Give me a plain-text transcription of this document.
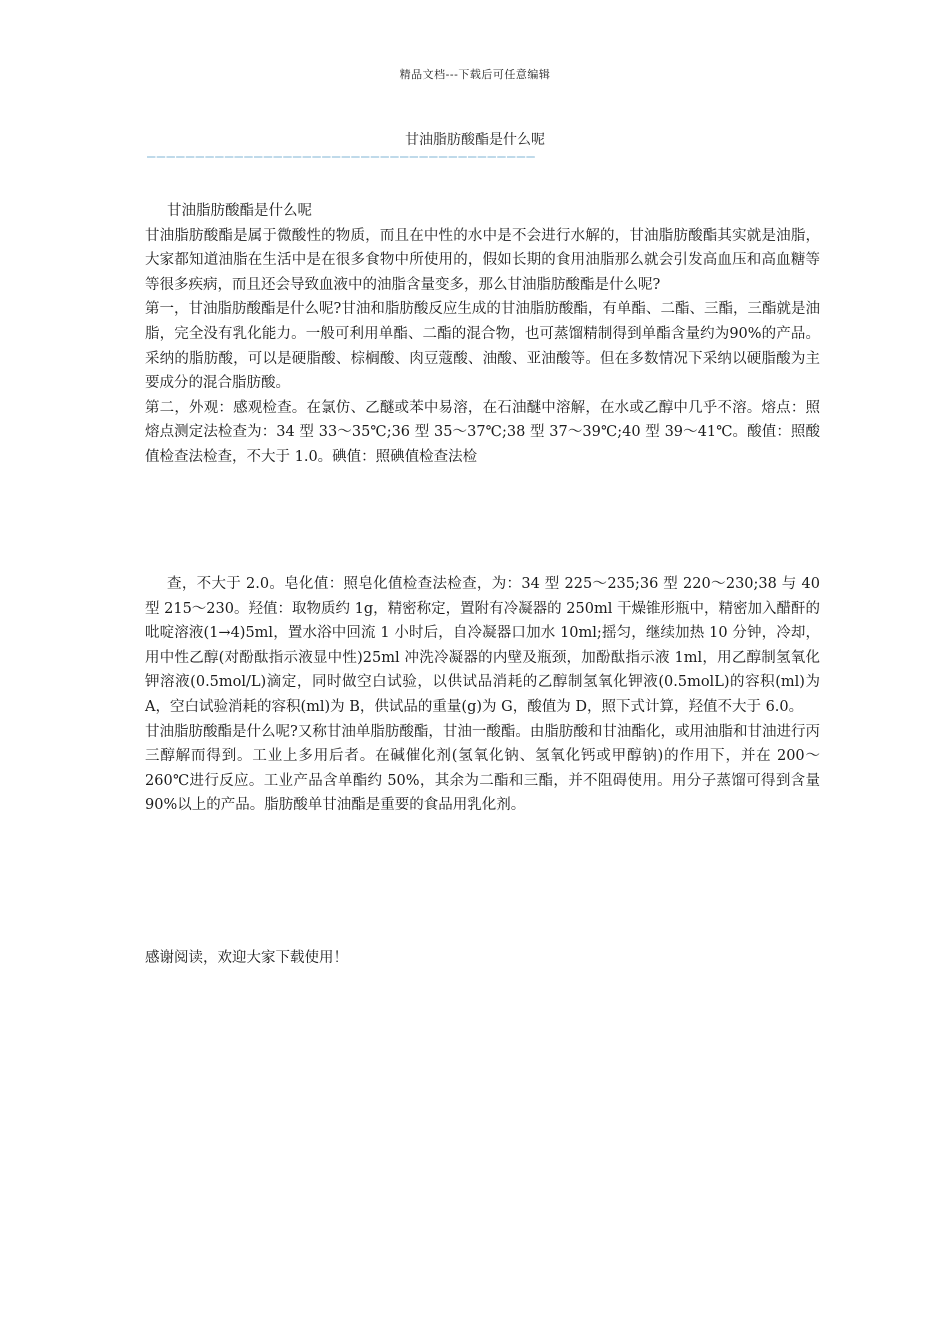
精品文档---下载后可任意编辑
甘油脂肪酸酯是什么呢
————————————————————————————————————————

甘油脂肪酸酯是什么呢

甘油脂肪酸酯是属于微酸性的物质，而且在中性的水中是不会进行水解的，甘油脂肪酸酯其实就是油脂，大家都知道油脂在生活中是在很多食物中所使用的，假如长期的食用油脂那么就会引发高血压和高血糖等等很多疾病，而且还会导致血液中的油脂含量变多，那么甘油脂肪酸酯是什么呢?

第一，甘油脂肪酸酯是什么呢?甘油和脂肪酸反应生成的甘油脂肪酸酯，有单酯、二酯、三酯，三酯就是油脂，完全没有乳化能力。一般可利用单酯、二酯的混合物，也可蒸馏精制得到单酯含量约为90%的产品。采纳的脂肪酸，可以是硬脂酸、棕榈酸、肉豆蔻酸、油酸、亚油酸等。但在多数情况下采纳以硬脂酸为主要成分的混合脂肪酸。

第二，外观：感观检查。在氯仿、乙醚或苯中易溶，在石油醚中溶解，在水或乙醇中几乎不溶。熔点：照熔点测定法检查为：34 型 33～35℃;36 型 35～37℃;38 型 37～39℃;40 型 39～41℃。酸值：照酸值检查法检查，不大于 1.0。碘值：照碘值检查法检

查，不大于 2.0。皂化值：照皂化值检查法检查，为：34 型 225～235;36 型 220～230;38 与 40 型 215～230。羟值：取物质约 1g，精密称定，置附有冷凝器的 250ml 干燥锥形瓶中，精密加入醋酐的吡啶溶液(1→4)5ml，置水浴中回流 1 小时后，自冷凝器口加水 10ml;摇匀，继续加热 10 分钟，冷却，用中性乙醇(对酚酞指示液显中性)25ml 冲洗冷凝器的内壁及瓶颈，加酚酞指示液 1ml，用乙醇制氢氧化钾溶液(0.5mol/L)滴定，同时做空白试验，以供试品消耗的乙醇制氢氧化钾液(0.5molL)的容积(ml)为 A，空白试验消耗的容积(ml)为 B，供试品的重量(g)为 G，酸值为 D，照下式计算，羟值不大于 6.0。

甘油脂肪酸酯是什么呢?又称甘油单脂肪酸酯，甘油一酸酯。由脂肪酸和甘油酯化，或用油脂和甘油进行丙三醇解而得到。工业上多用后者。在碱催化剂(氢氧化钠、氢氧化钙或甲醇钠)的作用下，并在 200～260℃进行反应。工业产品含单酯约 50%，其余为二酯和三酯，并不阻碍使用。用分子蒸馏可得到含量 90%以上的产品。脂肪酸单甘油酯是重要的食品用乳化剂。

感谢阅读，欢迎大家下载使用！
